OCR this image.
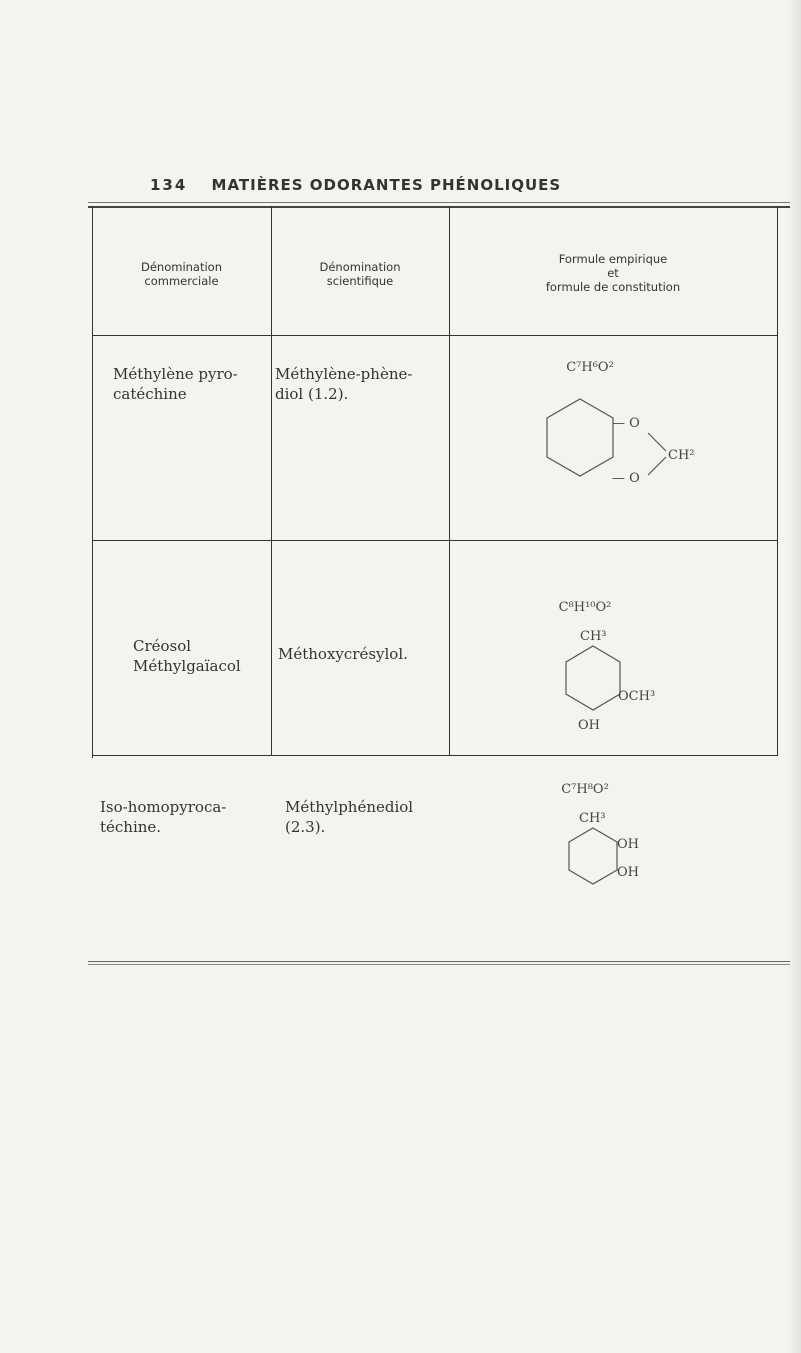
134 MATIÈRES ODORANTES PHÉNOLIQUES
Dénomination
commerciale
Dénomination
scientifique
Formule empirique
et
formule de constitution
Méthylène pyro-
catéchine
Méthylène-phène-
diol (1.2).
C⁷H⁶O²
— O
— O
CH²
Créosol
Méthylgaïacol
Méthoxycrésylol.
C⁸H¹⁰O²
CH³
OCH³
OH
Iso-homopyroca-
téchine.
Méthylphénediol
(2.3).
C⁷H⁸O²
CH³
OH
OH
